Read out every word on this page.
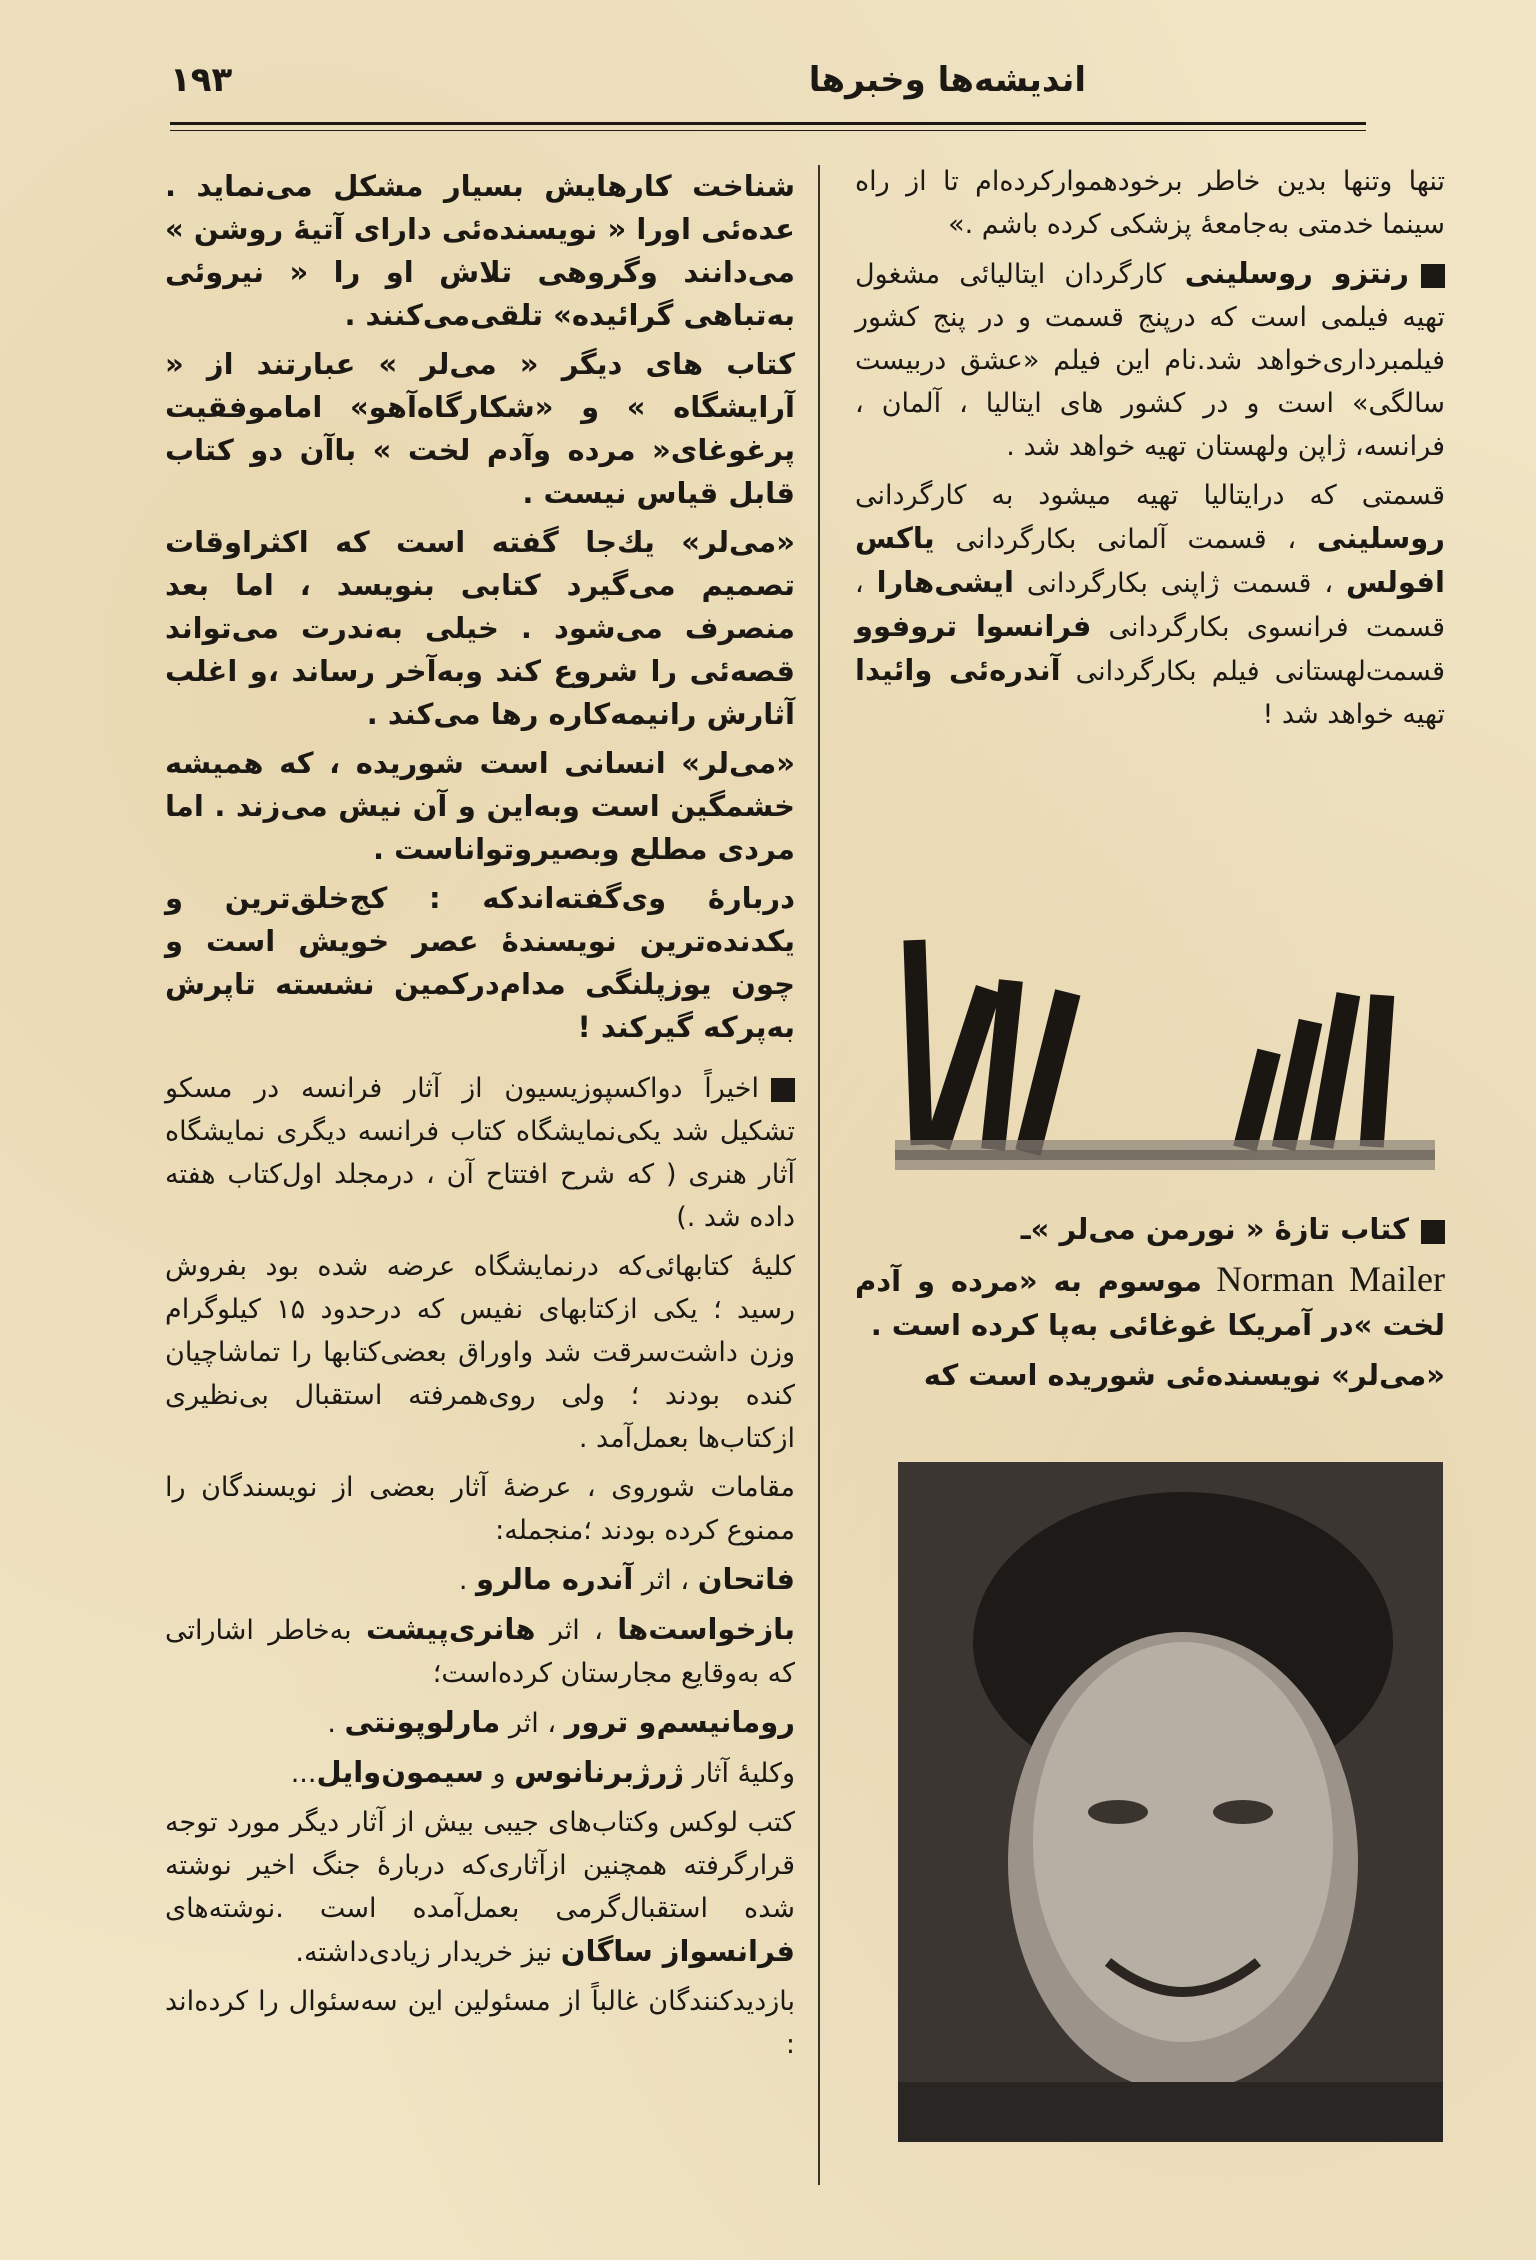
۱۹۳	اندیشه‌ها وخبرها

تنها وتنها بدین خاطر برخودهموارکرده‌ام تا از راه سینما خدمتی به‌جامعهٔ پزشکی کرده باشم .»

رنتزو روسلینی کارگردان ایتالیائی مشغول تهیه فیلمی است که درپنج قسمت و در پنج کشور فیلمبرداری‌خواهد شد.نام این فیلم «عشق دربیست سالگی» است و در کشور های ایتالیا ، آلمان ، فرانسه، ژاپن ولهستان تهیه خواهد شد .

قسمتی که درایتالیا تهیه میشود به کارگردانی روسلینی ، قسمت آلمانی بکارگردانی یاکس افولس ، قسمت ژاپنی بکارگردانی ایشی‌هارا ، قسمت فرانسوی بکارگردانی فرانسوا تروفوو قسمت‌لهستانی فیلم بکارگردانی آندره‌ئی وائیدا تهیه خواهد شد !

کتاب تازهٔ « نورمن می‌لر »ـ

Norman Mailer موسوم به «مرده و آدم لخت »در آمریکا غوغائی به‌پا کرده است .

«می‌لر» نویسنده‌ئی شوریده است که

شناخت کارهایش بسیار مشکل می‌نماید . عده‌ئی اورا « نویسنده‌ئی دارای آتیهٔ روشن » می‌دانند وگروهی تلاش او را « نیروئی به‌تباهی گرائیده» تلقی‌می‌کنند .

کتاب های دیگر « می‌لر » عبارتند از « آرایشگاه » و «شکارگاه‌آهو» اماموفقیت پرغوغای« مرده وآدم لخت » باآن دو کتاب قابل قیاس نیست .

«می‌لر» یك‌جا گفته است که اکثراوقات تصمیم می‌گیرد کتابی بنویسد ، اما بعد منصرف می‌شود . خیلی به‌ندرت می‌تواند قصه‌ئی را شروع کند وبه‌آخر رساند ،و اغلب آثارش رانیمه‌کاره رها می‌کند .

«می‌لر» انسانی است شوریده ، که همیشه خشمگین است وبه‌این و آن نیش می‌زند . اما مردی مطلع وبصیروتواناست .

دربارهٔ وی‌گفته‌اندکه : کج‌خلق‌ترین و یکدنده‌ترین نویسندهٔ عصر خویش است و چون یوزپلنگی مدام‌درکمین نشسته تاپرش به‌پرکه گیرکند !

اخیراً دواکسپوزیسیون از آثار فرانسه در مسکو تشکیل شد یکی‌نمایشگاه کتاب فرانسه دیگری نمایشگاه آثار هنری ( که شرح افتتاح آن ، درمجلد اول‌کتاب هفته داده شد .)

کلیهٔ کتابهائی‌که درنمایشگاه عرضه شده بود بفروش رسید ؛ یکی ازکتابهای نفیس که درحدود ۱۵ کیلوگرام وزن داشت‌سرقت شد واوراق بعضی‌کتابها را تماشاچیان کنده بودند ؛ ولی روی‌همرفته استقبال بی‌نظیری ازکتاب‌ها بعمل‌آمد .

مقامات شوروی ، عرضهٔ آثار بعضی از نویسندگان را ممنوع کرده بودند ؛منجمله:

فاتحان ، اثر آندره مالرو .

بازخواست‌ها ، اثر هانری‌پیشت به‌خاطر اشاراتی که به‌وقایع مجارستان کرده‌است؛

رومانیسم‌و ترور ، اثر مارلوپونتی .

وکلیهٔ آثار ژرژبرنانوس و سیمون‌وایل...

کتب لوکس وکتاب‌های جیبی بیش از آثار دیگر مورد توجه قرارگرفته همچنین ازآثاری‌که دربارهٔ جنگ اخیر نوشته شده استقبال‌گرمی بعمل‌آمده است .نوشته‌های فرانسواز ساگان نیز خریدار زیادی‌داشته.

بازدیدکنندگان غالباً از مسئولین این سه‌سئوال را کرده‌اند :
